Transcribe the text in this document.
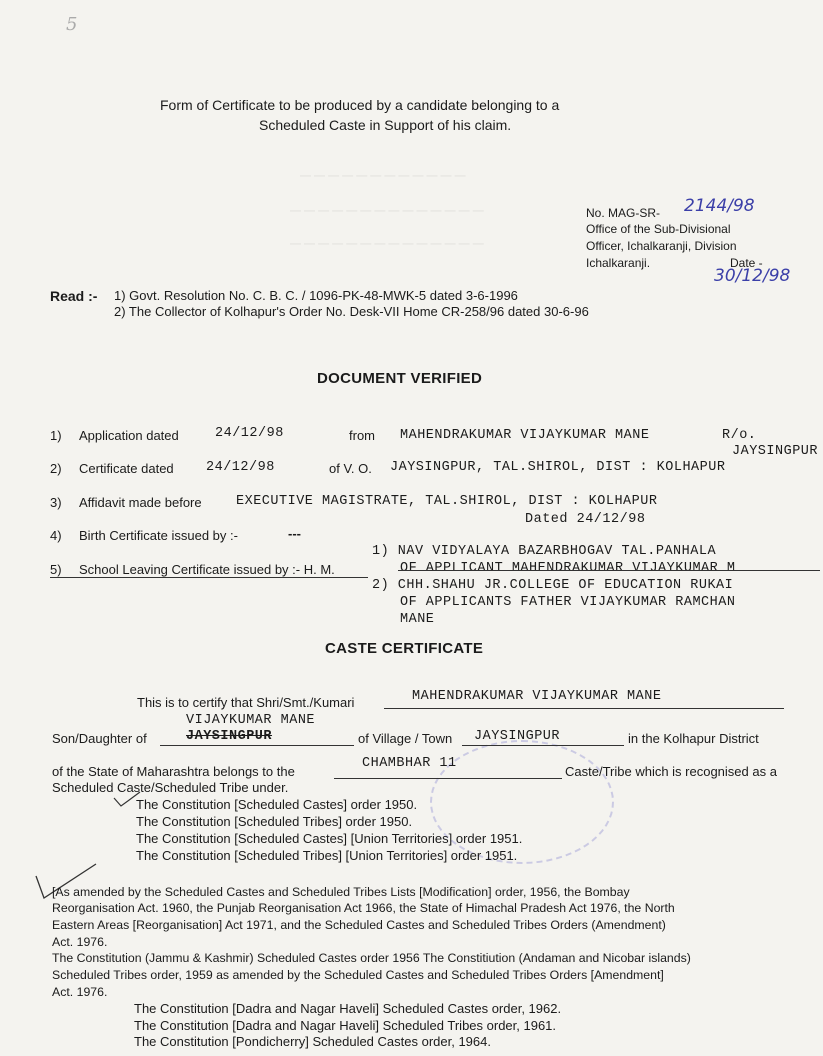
— — — — — — — — — — — —
— — — — — — — — — — — — — —
— — — — — — — — — — — — — —
5
Form of Certificate to be produced by a candidate belonging to a
Scheduled Caste in Support of his claim.
No. MAG-SR- 2144/98
Office of the Sub-Divisional
Officer, Ichalkaranji, Division
Ichalkaranji.	Date -
30/12/98
Read :- 1) Govt. Resolution No. C. B. C. / 1096-PK-48-MWK-5 dated 3-6-1996
2) The Collector of Kolhapur's Order No. Desk-VII Home CR-258/96 dated 30-6-96
DOCUMENT VERIFIED
1) Application dated	24/12/98	from MAHENDRAKUMAR VIJAYKUMAR MANE	R/o.
JAYSINGPUR
2) Certificate dated 24/12/98	of V. O. JAYSINGPUR, TAL.SHIROL, DIST : KOLHAPUR
3) Affidavit made before	EXECUTIVE MAGISTRATE, TAL.SHIROL, DIST : KOLHAPUR
Dated 24/12/98
4) Birth Certificate issued by :-	---
5) School Leaving Certificate issued by :- H. M.
1) NAV VIDYALAYA BAZARBHOGAV TAL.PANHALA
OF APPLICANT MAHENDRAKUMAR VIJAYKUMAR M
2) CHH.SHAHU JR.COLLEGE OF EDUCATION RUKAI
OF APPLICANTS FATHER VIJAYKUMAR RAMCHAN
MANE
CASTE CERTIFICATE
This is to certify that Shri/Smt./Kumari	MAHENDRAKUMAR VIJAYKUMAR MANE
VIJAYKUMAR MANE
Son/Daughter of	JAYSINGPUR	of Village / Town JAYSINGPUR	in the Kolhapur District
CHAMBHAR 11
of the State of Maharashtra belongs to the	Caste/Tribe which is recognised as a
Scheduled Caste/Scheduled Tribe under.
The Constitution [Scheduled Castes] order 1950.
The Constitution [Scheduled Tribes] order 1950.
The Constitution [Scheduled Castes] [Union Territories] order 1951.
The Constitution [Scheduled Tribes] [Union Territories] order 1951.
[As amended by the Scheduled Castes and Scheduled Tribes Lists [Modification] order, 1956, the Bombay
Reorganisation Act. 1960, the Punjab Reorganisation Act 1966, the State of Himachal Pradesh Act 1976, the North
Eastern Areas [Reorganisation] Act 1971, and the Scheduled Castes and Scheduled Tribes Orders (Amendment)
Act. 1976.
The Constitution (Jammu & Kashmir) Scheduled Castes order 1956 The Constitiution (Andaman and Nicobar islands)
Scheduled Tribes order, 1959 as amended by the Scheduled Castes and Scheduled Tribes Orders [Amendment]
Act. 1976.
The Constitution [Dadra and Nagar Haveli] Scheduled Castes order, 1962.
The Constitution [Dadra and Nagar Haveli] Scheduled Tribes order, 1961.
The Constitution [Pondicherry] Scheduled Castes order, 1964.
